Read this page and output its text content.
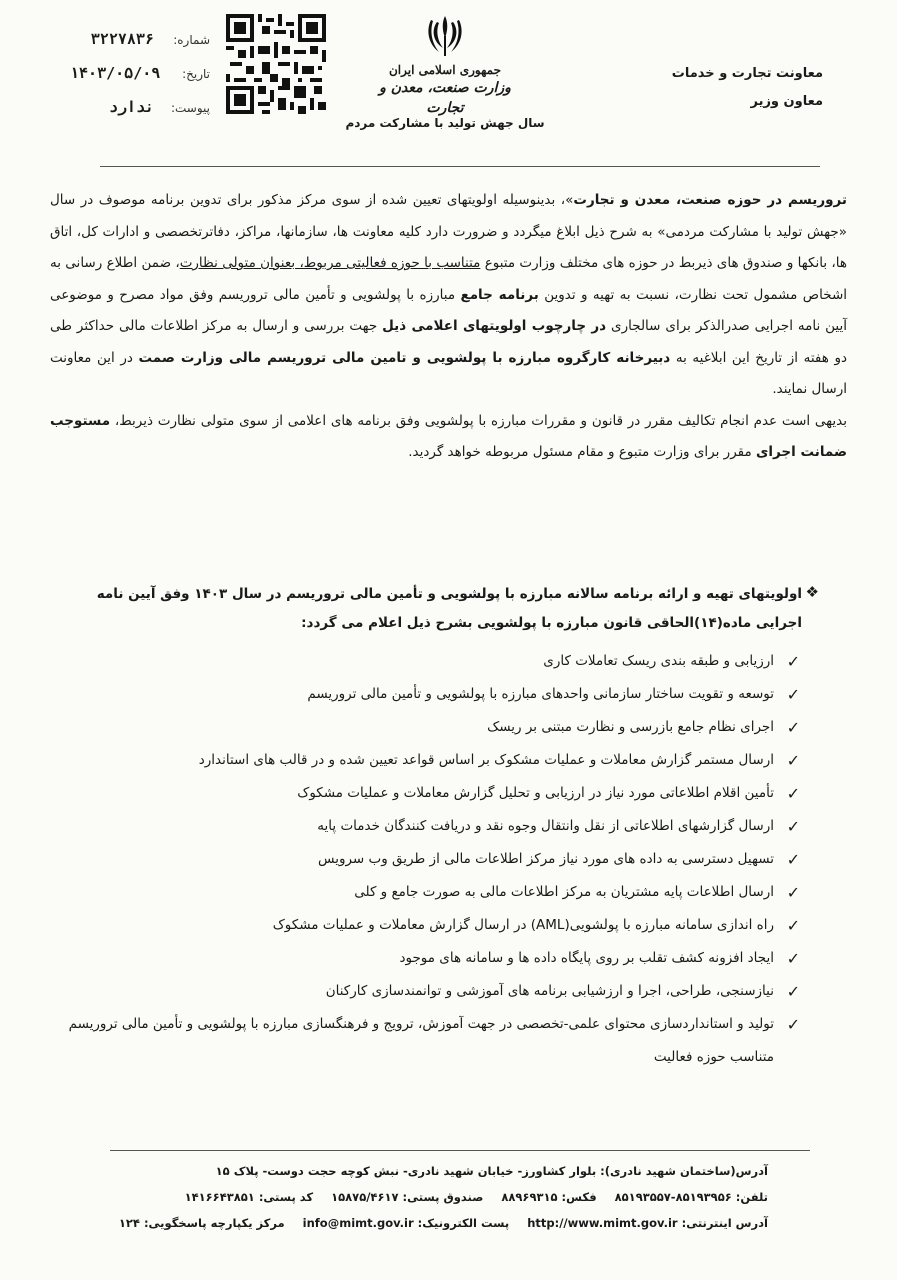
معاونت تجارت و خدمات
معاون وزیر
جمهوری اسلامی ایران
وزارت صنعت، معدن و تجارت
سال جهش تولید با مشارکت مردم
شماره:
۳۲۲۷۸۳۶
تاریخ:
۱۴۰۳/۰۵/۰۹
پیوست:
ندارد

تروریسم در حوزه صنعت، معدن و تجارت»، بدینوسیله اولویتهای تعیین شده از سوی مرکز مذکور برای تدوین برنامه موصوف در سال «جهش تولید با مشارکت مردمی» به شرح ذیل ابلاغ میگردد و ضرورت دارد کلیه معاونت ها، سازمانها، مراکز، دفاترتخصصی و ادارات کل، اتاق ها، بانکها و صندوق های ذیربط در حوزه های مختلف وزارت متبوع متناسب با حوزه فعالیتی مربوط، بعنوان متولی نظارت، ضمن اطلاع رسانی به اشخاص مشمول تحت نظارت، نسبت به تهیه و تدوین برنامه جامع مبارزه با پولشویی و تأمین مالی تروریسم وفق مواد مصرح و موضوعی آیین نامه اجرایی صدرالذکر برای سالجاری در چارچوب اولویتهای اعلامی ذیل جهت بررسی و ارسال به مرکز اطلاعات مالی حداکثر طی دو هفته از تاریخ این ابلاغیه به دبیرخانه کارگروه مبارزه با پولشویی و تامین مالی تروریسم مالی وزارت صمت در این معاونت ارسال نمایند.

بدیهی است عدم انجام تکالیف مقرر در قانون و مقررات مبارزه با پولشویی وفق برنامه های اعلامی از سوی متولی نظارت ذیربط، مستوجب ضمانت اجرای مقرر برای وزارت متبوع و مقام مسئول مربوطه خواهد گردید.

❖
اولویتهای تهیه و ارائه برنامه سالانه مبارزه با پولشویی و تأمین مالی تروریسم در سال ۱۴۰۳ وفق آیین نامه اجرایی ماده(۱۴)الحاقی قانون مبارزه با پولشویی بشرح ذیل اعلام می گردد:
✓
ارزیابی و طبقه بندی ریسک تعاملات کاری
✓
توسعه و تقویت ساختار سازمانی واحدهای مبارزه با پولشویی و تأمین مالی تروریسم
✓
اجرای نظام جامع بازرسی و نظارت مبتنی بر ریسک
✓
ارسال مستمر گزارش معاملات و عملیات مشکوک بر اساس قواعد تعیین شده و در قالب های استاندارد
✓
تأمین اقلام اطلاعاتی مورد نیاز در ارزیابی و تحلیل گزارش معاملات و عملیات مشکوک
✓
ارسال گزارشهای اطلاعاتی از نقل وانتقال وجوه نقد و دریافت کنندگان خدمات پایه
✓
تسهیل دسترسی به داده های مورد نیاز مرکز اطلاعات مالی از طریق وب سرویس
✓
ارسال اطلاعات پایه مشتریان به مرکز اطلاعات مالی به صورت جامع و کلی
✓
راه اندازی سامانه مبارزه با پولشویی(AML) در ارسال گزارش معاملات و عملیات مشکوک
✓
ایجاد افزونه کشف تقلب بر روی پایگاه داده ها و سامانه های موجود
✓
نیازسنجی، طراحی، اجرا و ارزشیابی برنامه های آموزشی و توانمندسازی کارکنان
✓
تولید و استانداردسازی محتوای علمی-تخصصی در جهت آموزش، ترویج و فرهنگسازی مبارزه با پولشویی و تأمین مالی تروریسم متناسب حوزه فعالیت
آدرس(ساختمان شهید نادری): بلوار کشاورز- خیابان شهید نادری- نبش کوچه حجت دوست- پلاک ۱۵
تلفن: ۸۵۱۹۳۹۵۶-۸۵۱۹۳۵۵۷ فکس: ۸۸۹۶۹۳۱۵ صندوق پستی: ۱۵۸۷۵/۴۶۱۷ کد پستی: ۱۴۱۶۶۴۳۸۵۱
آدرس اینترنتی: http://www.mimt.gov.ir پست الکترونیک: info@mimt.gov.ir مرکز یکپارچه پاسخگویی: ۱۲۴
